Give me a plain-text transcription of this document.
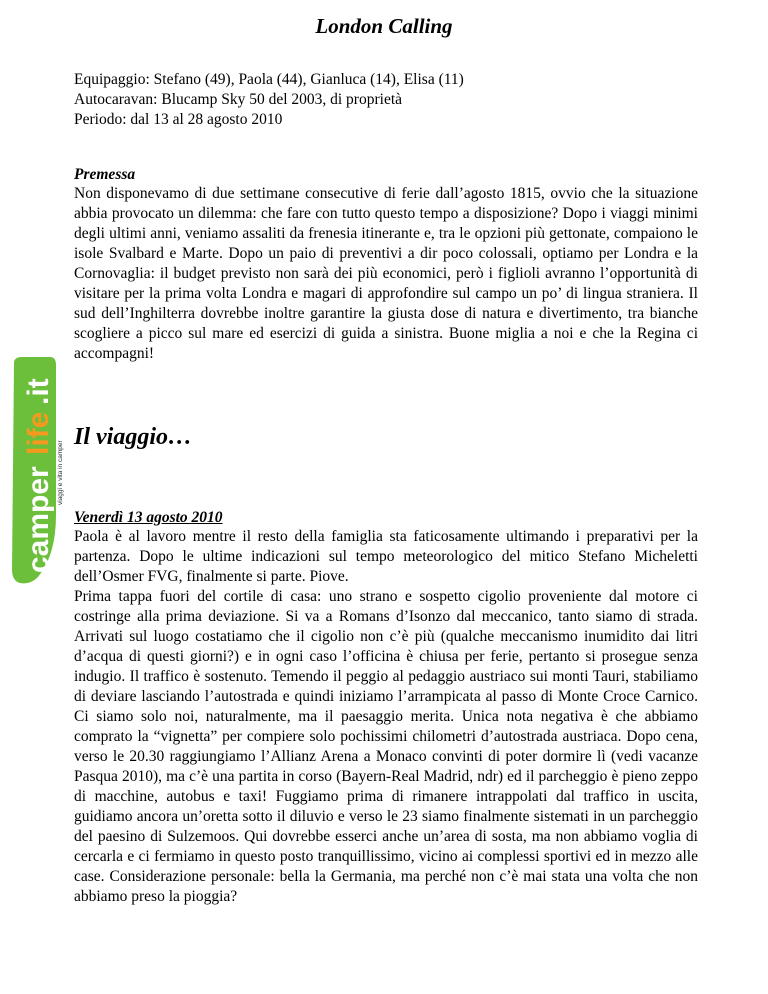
London Calling
Equipaggio: Stefano (49), Paola (44), Gianluca (14), Elisa (11)
Autocaravan: Blucamp Sky 50 del 2003, di proprietà
Periodo: dal 13 al 28 agosto 2010
Premessa

Non disponevamo di due settimane consecutive di ferie dall’agosto 1815, ovvio che la situazione abbia provocato un dilemma: che fare con tutto questo tempo a disposizione? Dopo i viaggi minimi degli ultimi anni, veniamo assaliti da frenesia itinerante e, tra le opzioni più gettonate, compaiono le isole Svalbard e Marte. Dopo un paio di preventivi a dir poco colossali, optiamo per Londra e la Cornovaglia: il budget previsto non sarà dei più economici, però i figlioli avranno l’opportunità di visitare per la prima volta Londra e magari di approfondire sul campo un po’ di lingua straniera. Il sud dell’Inghilterra dovrebbe inoltre garantire la giusta dose di natura e divertimento, tra bianche scogliere a picco sul mare ed esercizi di guida a sinistra. Buone miglia a noi e che la Regina ci accompagni!

camper
life
.it
viaggi e vita in camper
Il viaggio…
Venerdì 13 agosto 2010

Paola è al lavoro mentre il resto della famiglia sta faticosamente ultimando i preparativi per la partenza. Dopo le ultime indicazioni sul tempo meteorologico del mitico Stefano Micheletti dell’Osmer FVG, finalmente si parte. Piove.

Prima tappa fuori del cortile di casa: uno strano e sospetto cigolio proveniente dal motore ci costringe alla prima deviazione. Si va a Romans d’Isonzo dal meccanico, tanto siamo di strada. Arrivati sul luogo costatiamo che il cigolio non c’è più (qualche meccanismo inumidito dai litri d’acqua di questi giorni?) e in ogni caso l’officina è chiusa per ferie, pertanto si prosegue senza indugio. Il traffico è sostenuto. Temendo il peggio al pedaggio austriaco sui monti Tauri, stabiliamo di deviare lasciando l’autostrada e quindi iniziamo l’arrampicata al passo di Monte Croce Carnico. Ci siamo solo noi, naturalmente, ma il paesaggio merita. Unica nota negativa è che abbiamo comprato la “vignetta” per compiere solo pochissimi chilometri d’autostrada austriaca. Dopo cena, verso le 20.30 raggiungiamo l’Allianz Arena a Monaco convinti di poter dormire lì (vedi vacanze Pasqua 2010), ma c’è una partita in corso (Bayern-Real Madrid, ndr) ed il parcheggio è pieno zeppo di macchine, autobus e taxi! Fuggiamo prima di rimanere intrappolati dal traffico in uscita, guidiamo ancora un’oretta sotto il diluvio e verso le 23 siamo finalmente sistemati in un parcheggio del paesino di Sulzemoos. Qui dovrebbe esserci anche un’area di sosta, ma non abbiamo voglia di cercarla e ci fermiamo in questo posto tranquillissimo, vicino ai complessi sportivi ed in mezzo alle case. Considerazione personale: bella la Germania, ma perché non c’è mai stata una volta che non abbiamo preso la pioggia?
